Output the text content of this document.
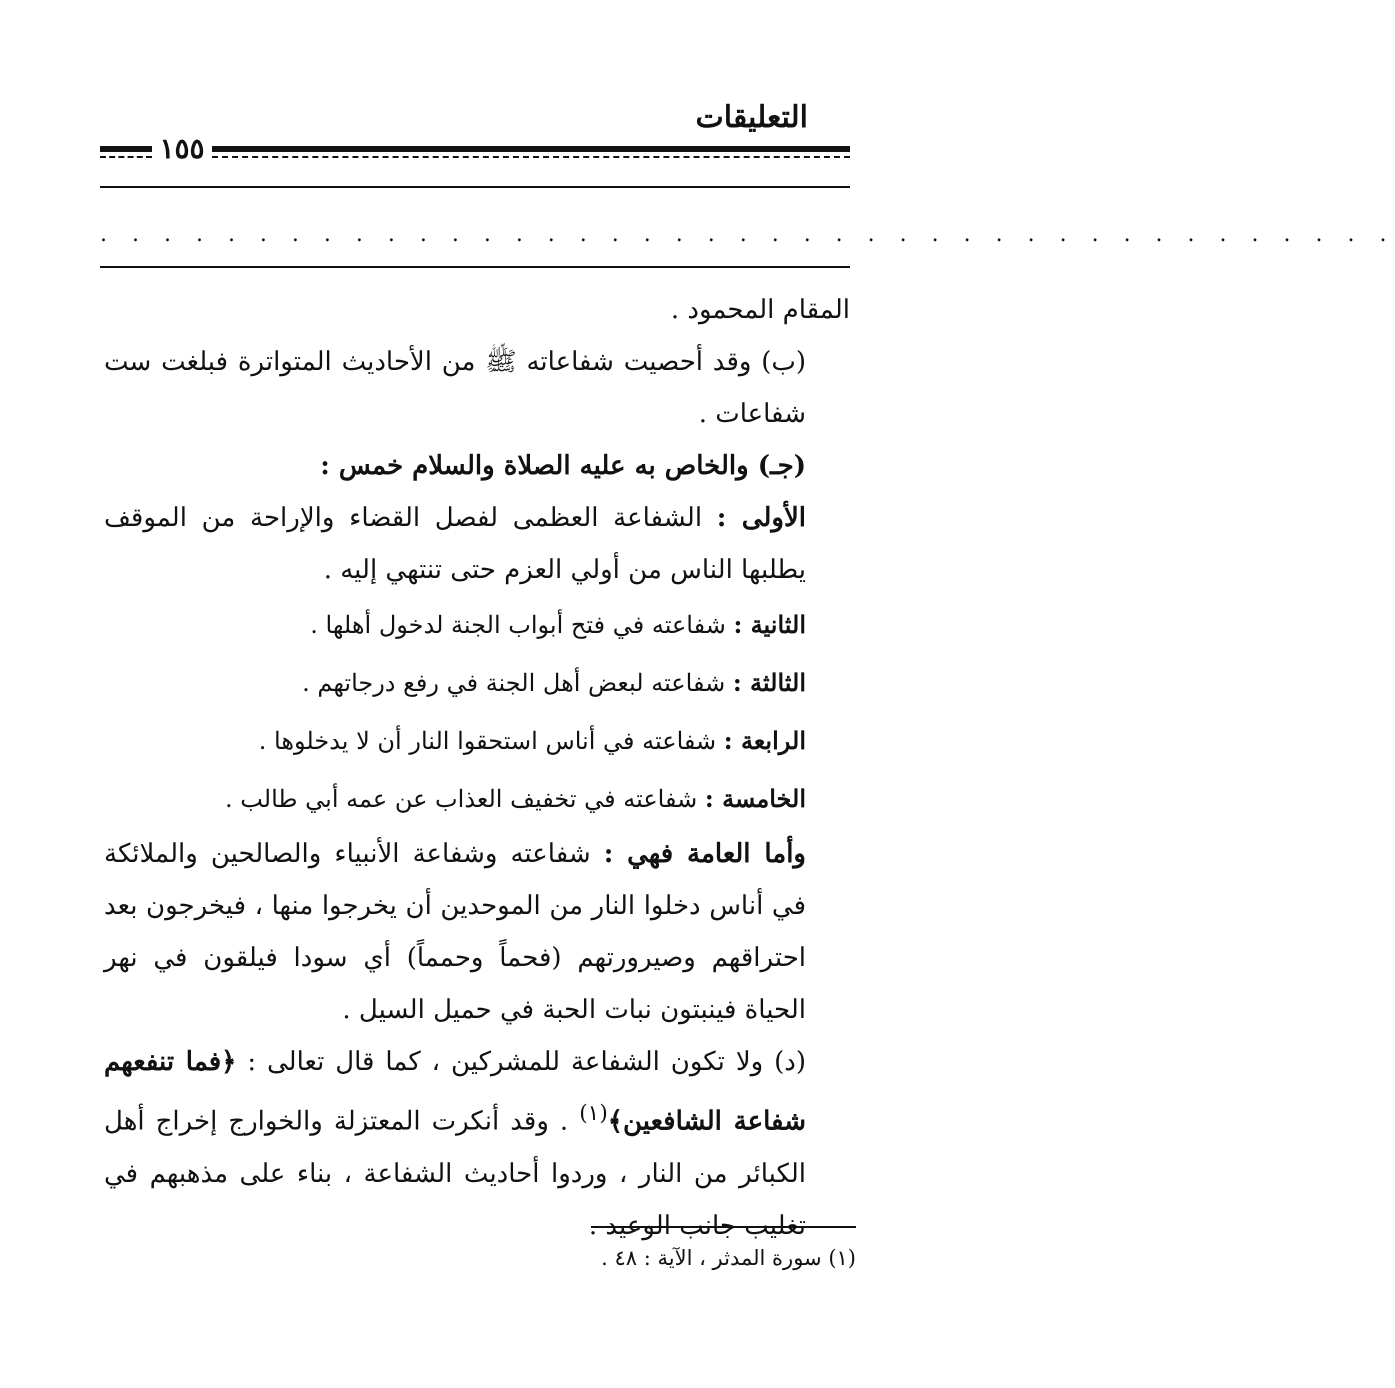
التعليقات
١٥٥
. . . . . . . . . . . . . . . . . . . . . . . . . . . . . . . . . . . . . . . . .

المقام المحمود .

(ب) وقد أحصيت شفاعاته ﷺ من الأحاديث المتواترة فبلغت ست شفاعات .

(جـ) والخاص به عليه الصلاة والسلام خمس :

الأولى : الشفاعة العظمى لفصل القضاء والإراحة من الموقف يطلبها الناس من أولي العزم حتى تنتهي إليه .

الثانية : شفاعته في فتح أبواب الجنة لدخول أهلها .

الثالثة : شفاعته لبعض أهل الجنة في رفع درجاتهم .

الرابعة : شفاعته في أناس استحقوا النار أن لا يدخلوها .

الخامسة : شفاعته في تخفيف العذاب عن عمه أبي طالب .

وأما العامة فهي : شفاعته وشفاعة الأنبياء والصالحين والملائكة في أناس دخلوا النار من الموحدين أن يخرجوا منها ، فيخرجون بعد احتراقهم وصيرورتهم (فحماً وحمماً) أي سودا فيلقون في نهر الحياة فينبتون نبات الحبة في حميل السيل .

(د) ولا تكون الشفاعة للمشركين ، كما قال تعالى : ﴿فما تنفعهم شفاعة الشافعين﴾$^{(١)}$ . وقد أنكرت المعتزلة والخوارج إخراج أهل الكبائر من النار ، وردوا أحاديث الشفاعة ، بناء على مذهبهم في تغليب جانب الوعيد .

(١) سورة المدثر ، الآية : ٤٨ .
